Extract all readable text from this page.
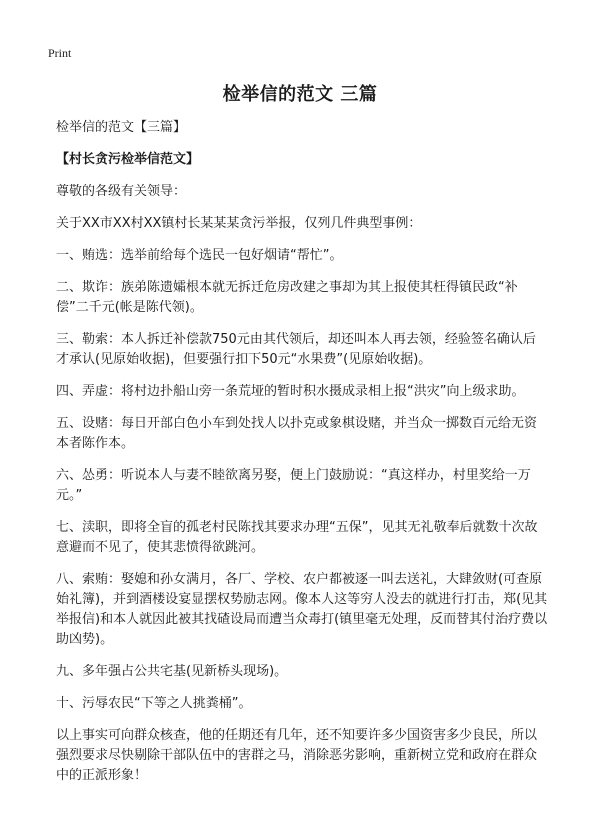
Print
检举信的范文 三篇

检举信的范文【三篇】

【村长贪污检举信范文】

尊敬的各级有关领导：

关于XX市XX村XX镇村长某某某贪污举报，仅列几件典型事例：

一、贿选：选举前给每个选民一包好烟请“帮忙”。

二、欺诈：族弟陈遗孀根本就无拆迁危房改建之事却为其上报使其枉得镇民政“补偿”二千元(帐是陈代领)。

三、勒索：本人拆迁补偿款750元由其代领后，却还叫本人再去领，经验签名确认后才承认(见原始收据)，但要强行扣下50元“水果费”(见原始收据)。

四、弄虚：将村边扑船山旁一条荒垭的暂时积水摄成录相上报“洪灾”向上级求助。

五、设赌：每日开部白色小车到处找人以扑克或象棋设赌，并当众一掷数百元给无资本者陈作本。

六、怂勇：听说本人与妻不睦欲离另娶，便上门鼓励说：“真这样办，村里奖给一万元。”

七、渎职，即将全盲的孤老村民陈找其要求办理“五保”，见其无礼敬奉后就数十次故意避而不见了，使其悲愤得欲跳河。

八、索贿：娶媳和孙女满月，各厂、学校、农户都被逐一叫去送礼，大肆敛财(可查原始礼簿)，并到酒楼设宴显摆权势励志网。像本人这等穷人没去的就进行打击，郑(见其举报信)和本人就因此被其找碴设局而遭当众毒打(镇里毫无处理，反而替其付治疗费以助凶势)。

九、多年强占公共宅基(见新桥头现场)。

十、污辱农民“下等之人挑粪桶”。

以上事实可向群众核查，他的任期还有几年，还不知要许多少国资害多少良民，所以强烈要求尽快剔除干部队伍中的害群之马，消除恶劣影响，重新树立党和政府在群众中的正派形象！
